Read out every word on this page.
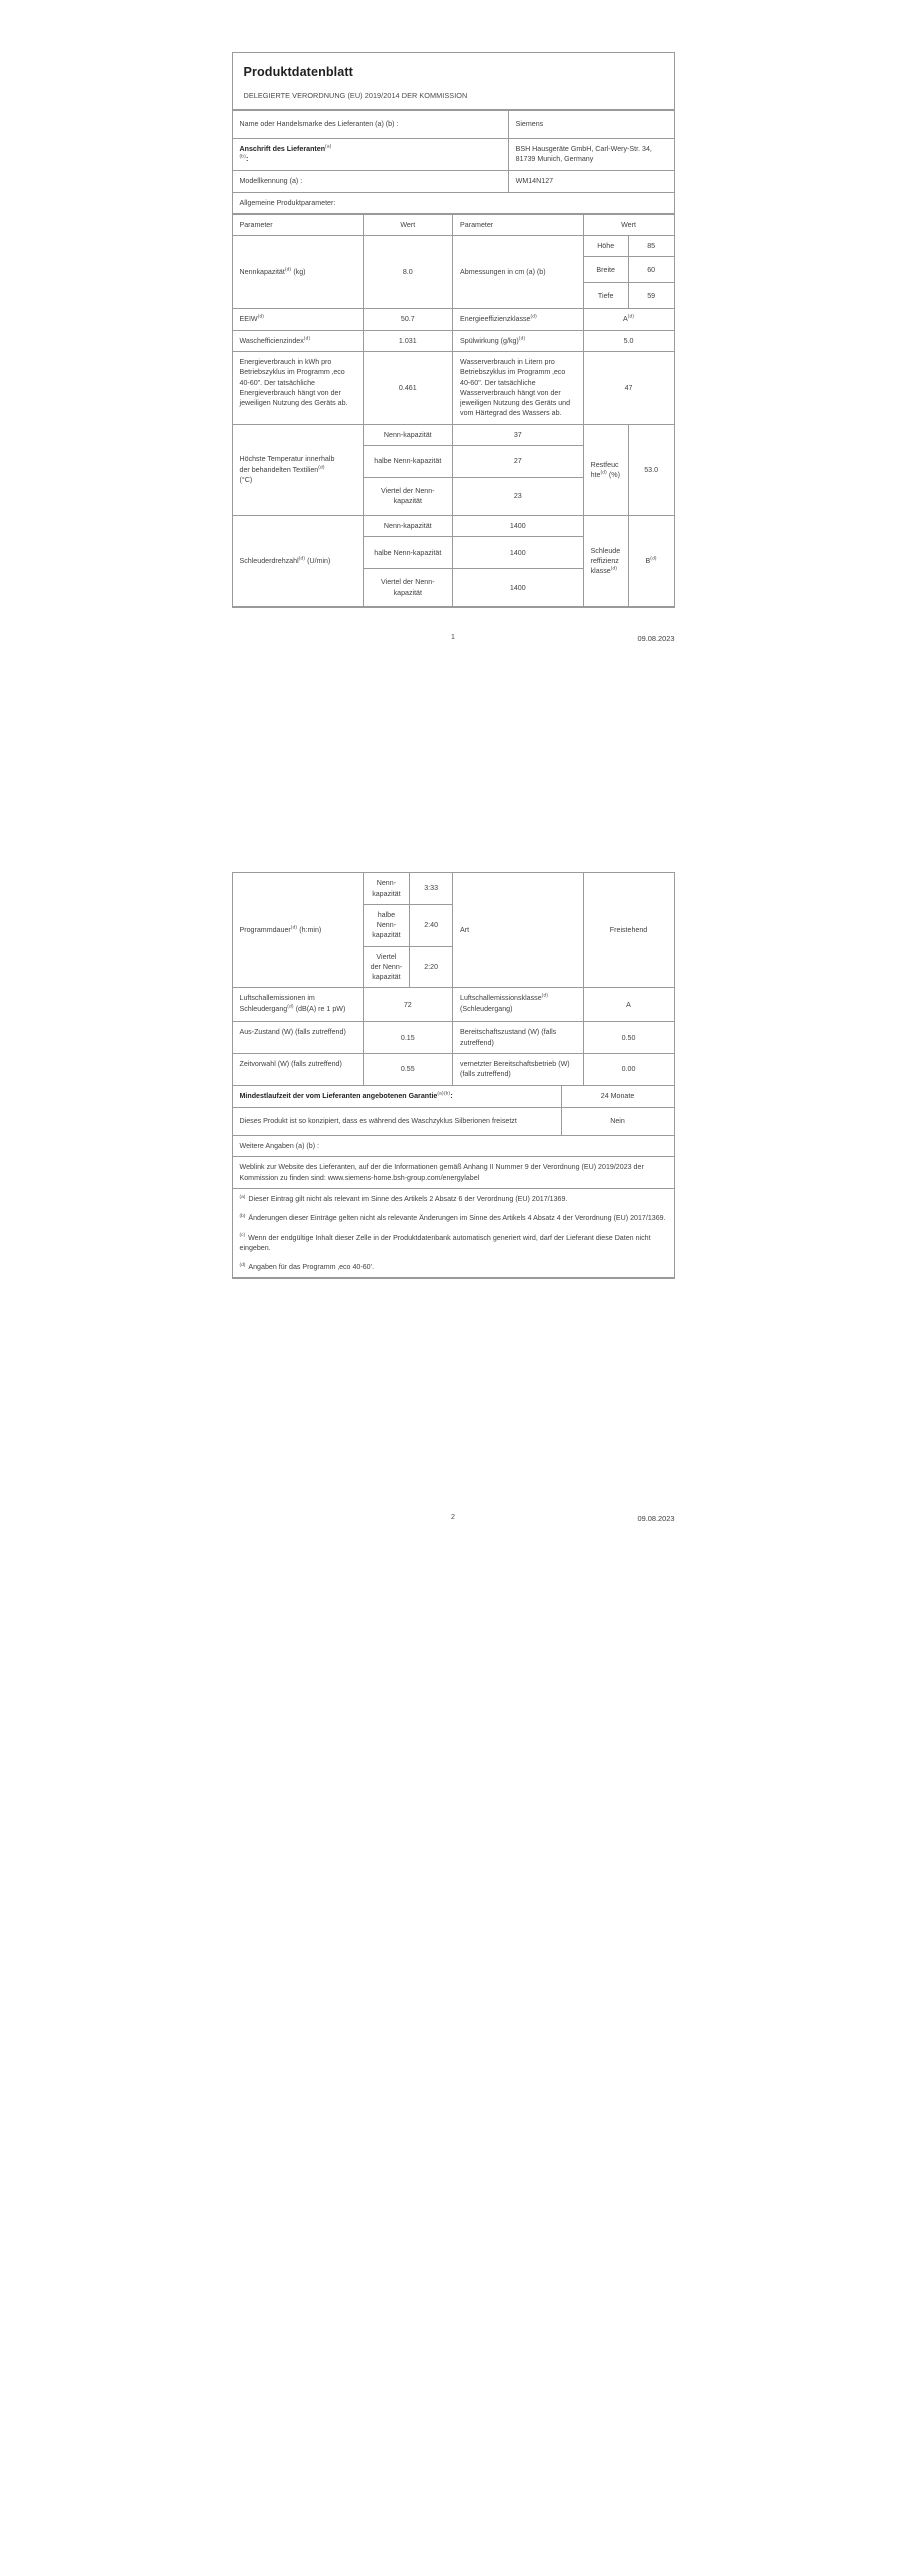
Produktdatenblatt
DELEGIERTE VERORDNUNG (EU) 2019/2014 DER KOMMISSION
Name oder Handelsmarke des Lieferanten (a) (b) :	Siemens
Anschrift des Lieferanten$^{(a)}$
$^{(b)}$:	BSH Hausgeräte GmbH, Carl-Wery-Str. 34, 81739 Munich, Germany
Modellkennung (a) :	WM14N127
Allgemeine Produktparameter:	
Parameter	Wert	Parameter	Wert	
Nennkapazität$^{(d)}$ (kg)	8.0	Abmessungen in cm (a) (b)	Höhe	85
			Breite	60
			Tiefe	59
EEIW$^{(d)}$	50.7	Energieeffizienzklasse$^{(d)}$	$A^{(d)}$
Waschefficienzindex$^{(d)}$	1.031	Spülwirkung $(g/kg)^{(d)}$	5.0	
Energieverbrauch in kWh pro Betriebszyklus im Programm ‚eco 40-60". Der tatsächliche Energieverbrauch hängt von der jeweiligen Nutzung des Geräts ab.	0.461	Wasserverbrauch in Litern pro Betriebszyklus im Programm ‚eco 40-60". Der tatsächliche Wasserverbrauch hängt von der jeweiligen Nutzung des Geräts und vom Härtegrad des Wassers ab.	47	
Höchste Temperatur innerhalb
der behandelten Textilien$^{(d)}$
(°C)	Nenn-kapazität	37	Restfeuchte$^{(d)}$ (%)	53.0
	halbe Nenn-kapazität	27		
	Viertel der Nenn-kapazität	23		
Schleuderdrehzahl$^{(d)}$ (U/min)	Nenn-kapazität	1400	Schleudereffizienzklasse$^{(d)}$	$B^{(d)}$
	halbe Nenn-kapazität	1400		
	Viertel der Nenn-kapazität	1400		
1	09.08.2023
Programmdauer$^{(d)}$ (h:min)	Nenn-kapazität	3:33	Art	Freistehend
	halbe Nenn-kapazität	2:40		
	Viertel der Nenn-kapazität	2:20		
Luftschallemissionen im
Schleudergang$^{(d)}$ (dB(A) re 1 pW)	72		Luftschallemissionsklasse$^{(d)}$
(Schleudergang)	A
Aus-Zustand (W) (falls zutreffend)	0.15		Bereitschaftszustand (W) (falls zutreffend)	0.50
Zeitvorwahl (W) (falls zutreffend)	0.55		vernetzter Bereitschaftsbetrieb (W) (falls zutreffend)	0.00
Mindestlaufzeit der vom Lieferanten angebotenen Garantie$^{(a)(b)}$:	24 Monate
Dieses Produkt ist so konzipiert, dass es während des Waschzyklus Silberionen freisetzt	Nein
Weitere Angaben (a) (b) :	
Weblink zur Website des Lieferanten, auf der die Informationen gemäß Anhang II Nummer 9 der Verordnung (EU) 2019/2023 der Kommission zu finden sind: www.siemens-home.bsh-group.com/energylabel	

$^{(a)}$ Dieser Eintrag gilt nicht als relevant im Sinne des Artikels 2 Absatz 6 der Verordnung (EU) 2017/1369.

$^{(b)}$ Änderungen dieser Einträge gelten nicht als relevante Änderungen im Sinne des Artikels 4 Absatz 4 der Verordnung (EU) 2017/1369.

$^{(c)}$ Wenn der endgültige Inhalt dieser Zelle in der Produktdatenbank automatisch generiert wird, darf der Lieferant diese Daten nicht eingeben.

$^{(d)}$ Angaben für das Programm ‚eco 40-60'.	

2	09.08.2023
